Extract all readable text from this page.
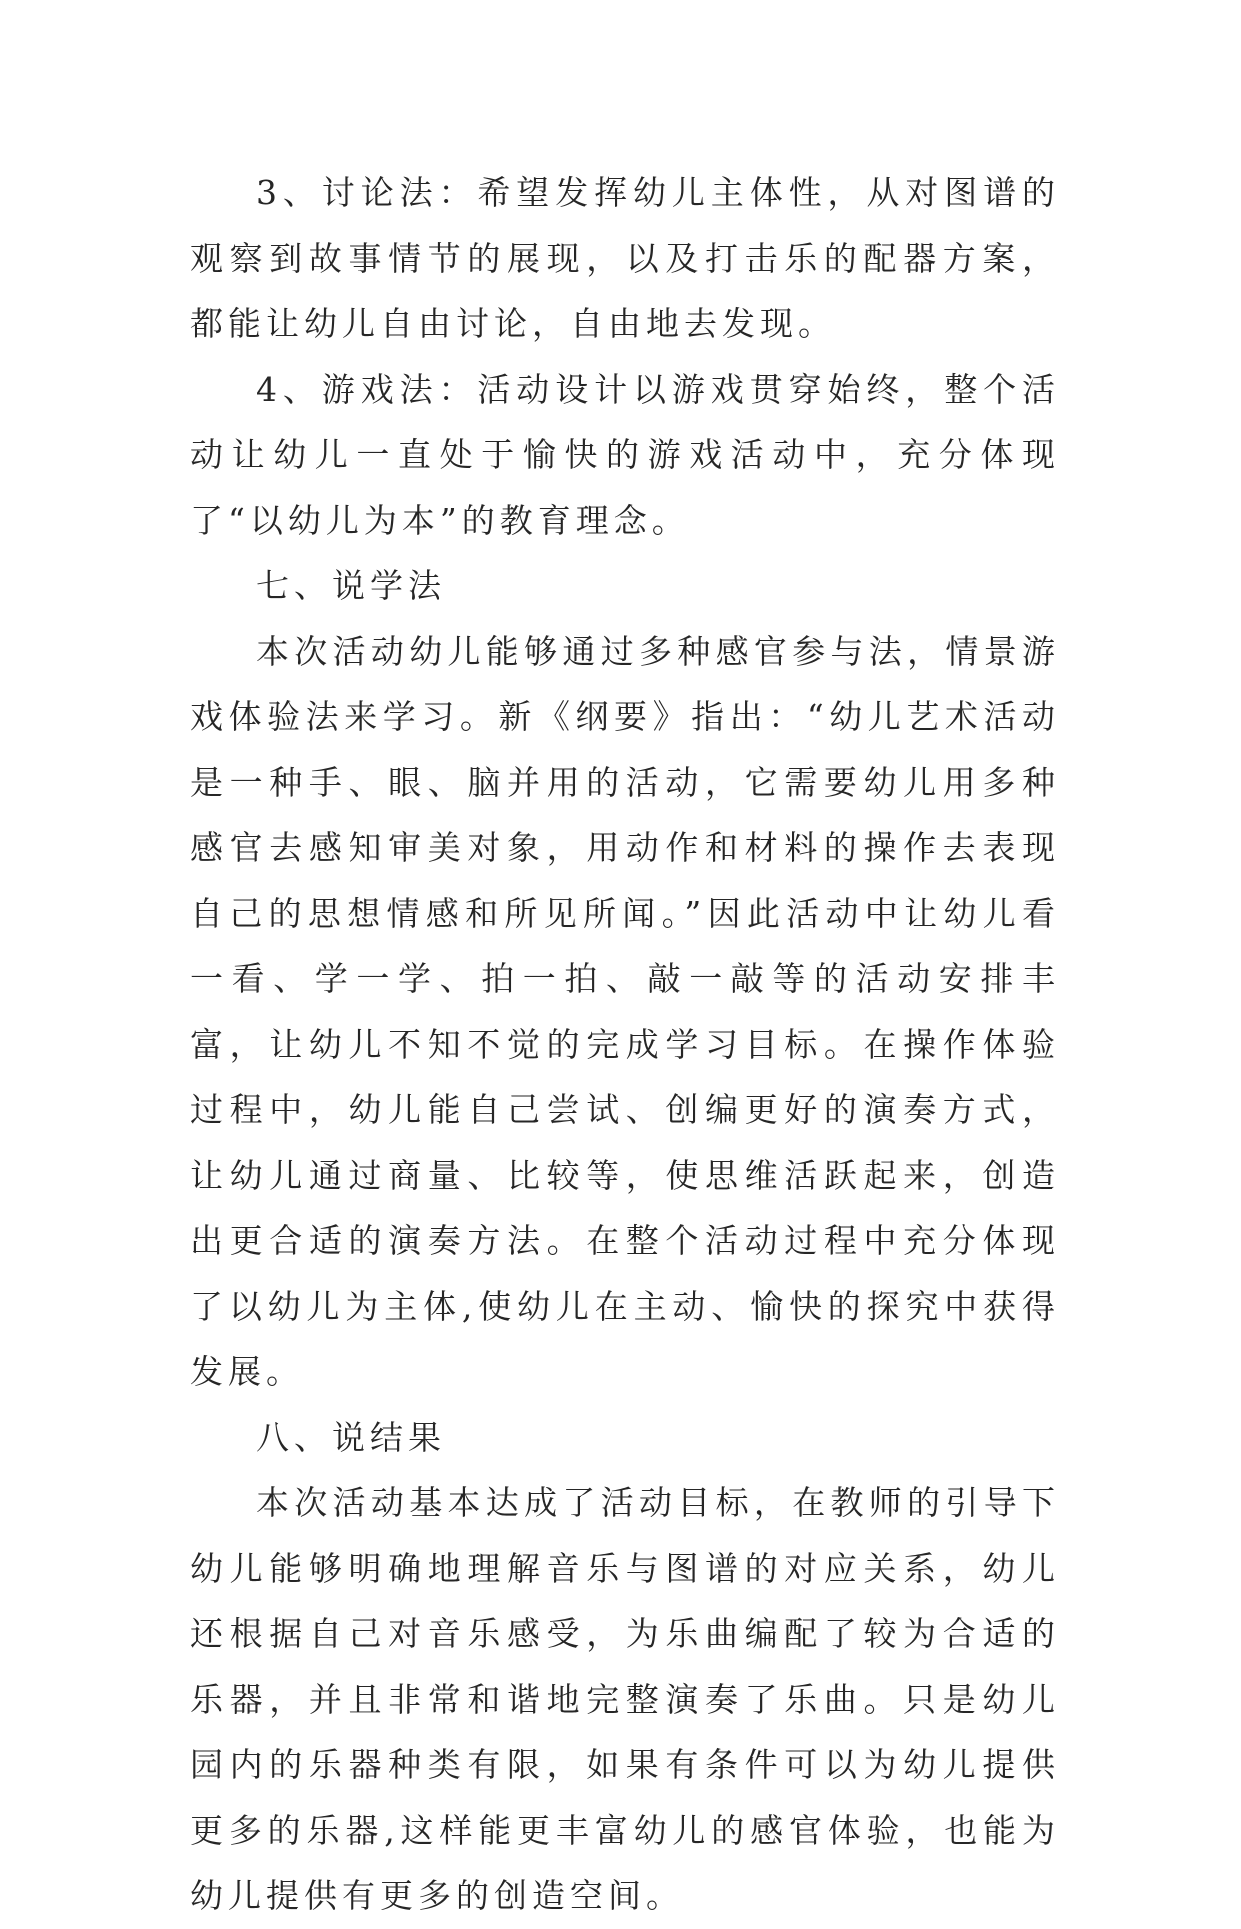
3、讨论法：希望发挥幼儿主体性，从对图谱的观察到故事情节的展现，以及打击乐的配器方案，都能让幼儿自由讨论，自由地去发现。

4、游戏法：活动设计以游戏贯穿始终，整个活动让幼儿一直处于愉快的游戏活动中，充分体现了“以幼儿为本”的教育理念。

七、说学法

本次活动幼儿能够通过多种感官参与法，情景游戏体验法来学习。新《纲要》指出：“幼儿艺术活动是一种手、眼、脑并用的活动，它需要幼儿用多种感官去感知审美对象，用动作和材料的操作去表现自己的思想情感和所见所闻。”因此活动中让幼儿看一看、学一学、拍一拍、敲一敲等的活动安排丰富，让幼儿不知不觉的完成学习目标。在操作体验过程中，幼儿能自己尝试、创编更好的演奏方式，让幼儿通过商量、比较等，使思维活跃起来，创造出更合适的演奏方法。在整个活动过程中充分体现了以幼儿为主体,使幼儿在主动、愉快的探究中获得发展。

八、说结果

本次活动基本达成了活动目标，在教师的引导下幼儿能够明确地理解音乐与图谱的对应关系，幼儿还根据自己对音乐感受，为乐曲编配了较为合适的乐器，并且非常和谐地完整演奏了乐曲。只是幼儿园内的乐器种类有限，如果有条件可以为幼儿提供更多的乐器,这样能更丰富幼儿的感官体验，也能为幼儿提供有更多的创造空间。
